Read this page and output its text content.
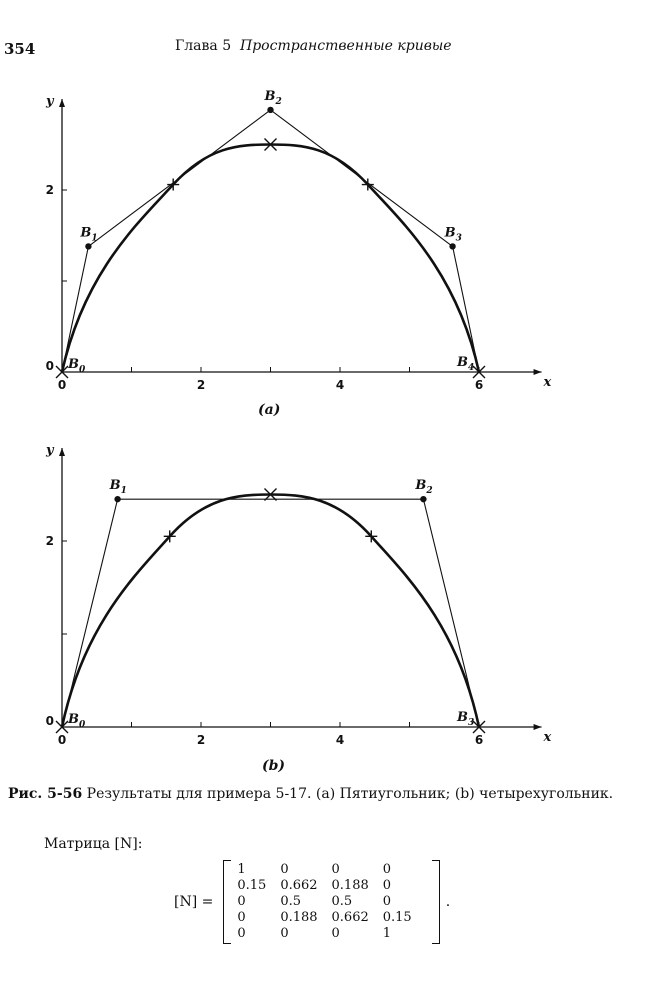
354	Глава 5 Пространственные кривые
0	2	4	6
0
2
x
y
$B_0$
$B_1$
$B_2$
$B_3$
$B_4$
(a)
0	2	4	6
0
2
x
y
$B_0$
$B_1$	$B_2$
$B_3$
(b)
Рис. 5-56 Результаты для примера 5-17. (a) Пятиугольник; (b) четырехугольник.
Матрица [N]:
[N] =
1	0	0	0
0.15	0.662	0.188	0
0	0.5	0.5	0
0	0.188	0.662	0.15
0	0	0	1
.
